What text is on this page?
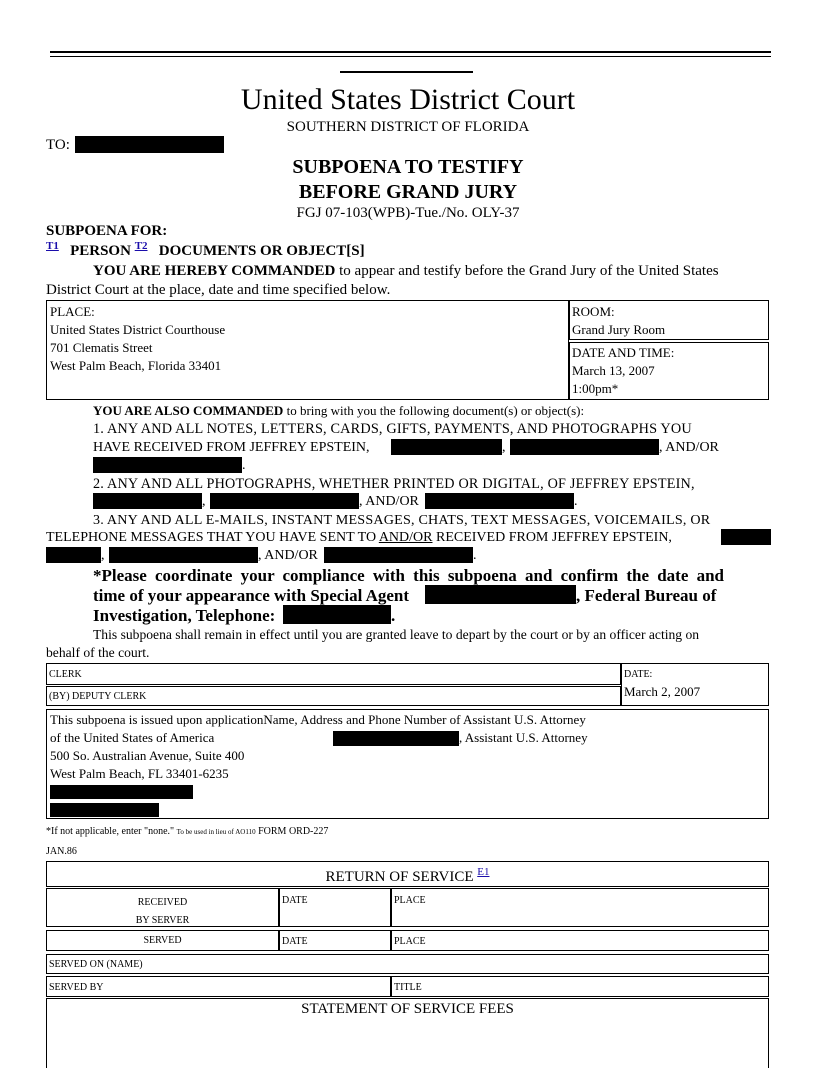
United States District Court
SOUTHERN DISTRICT OF FLORIDA
TO:
SUBPOENA TO TESTIFY
BEFORE GRAND JURY
FGJ 07-103(WPB)-Tue./No. OLY-37
SUBPOENA FOR:
$^{T1}$ PERSON $^{T2}$ DOCUMENTS OR OBJECT[S]
YOU ARE HEREBY COMMANDED to appear and testify before the Grand Jury of the United States
District Court at the place, date and time specified below.
PLACE:
United States District Courthouse
701 Clematis Street
West Palm Beach, Florida 33401
ROOM:
Grand Jury Room
DATE AND TIME:
March 13, 2007
1:00pm*
YOU ARE ALSO COMMANDED to bring with you the following document(s) or object(s):
1. ANY AND ALL NOTES, LETTERS, CARDS, GIFTS, PAYMENTS, AND PHOTOGRAPHS YOU
HAVE RECEIVED FROM JEFFREY EPSTEIN,	,	, AND/OR
.
2. ANY AND ALL PHOTOGRAPHS, WHETHER PRINTED OR DIGITAL, OF JEFFREY EPSTEIN,
,	, AND/OR	.
3. ANY AND ALL E-MAILS, INSTANT MESSAGES, CHATS, TEXT MESSAGES, VOICEMAILS, OR
TELEPHONE MESSAGES THAT YOU HAVE SENT TO AND/OR RECEIVED FROM JEFFREY EPSTEIN,
,	, AND/OR	.
*Please coordinate your compliance with this subpoena and confirm the date and
time of your appearance with Special Agent	, Federal Bureau of
Investigation, Telephone:	.
This subpoena shall remain in effect until you are granted leave to depart by the court or by an officer acting on
behalf of the court.
CLERK
(BY) DEPUTY CLERK
DATE:
March 2, 2007
This subpoena is issued upon applicationName, Address and Phone Number of Assistant U.S. Attorney
of the United States of America	, Assistant U.S. Attorney
500 So. Australian Avenue, Suite 400
West Palm Beach, FL 33401-6235
*If not applicable, enter "none." To be used in lieu of AO110 FORM ORD-227
JAN.86
RETURN OF SERVICE $^{E1}$
RECEIVED
BY SERVER
DATE	PLACE
SERVED	DATE	PLACE
SERVED ON (NAME)
SERVED BY	TITLE
STATEMENT OF SERVICE FEES
